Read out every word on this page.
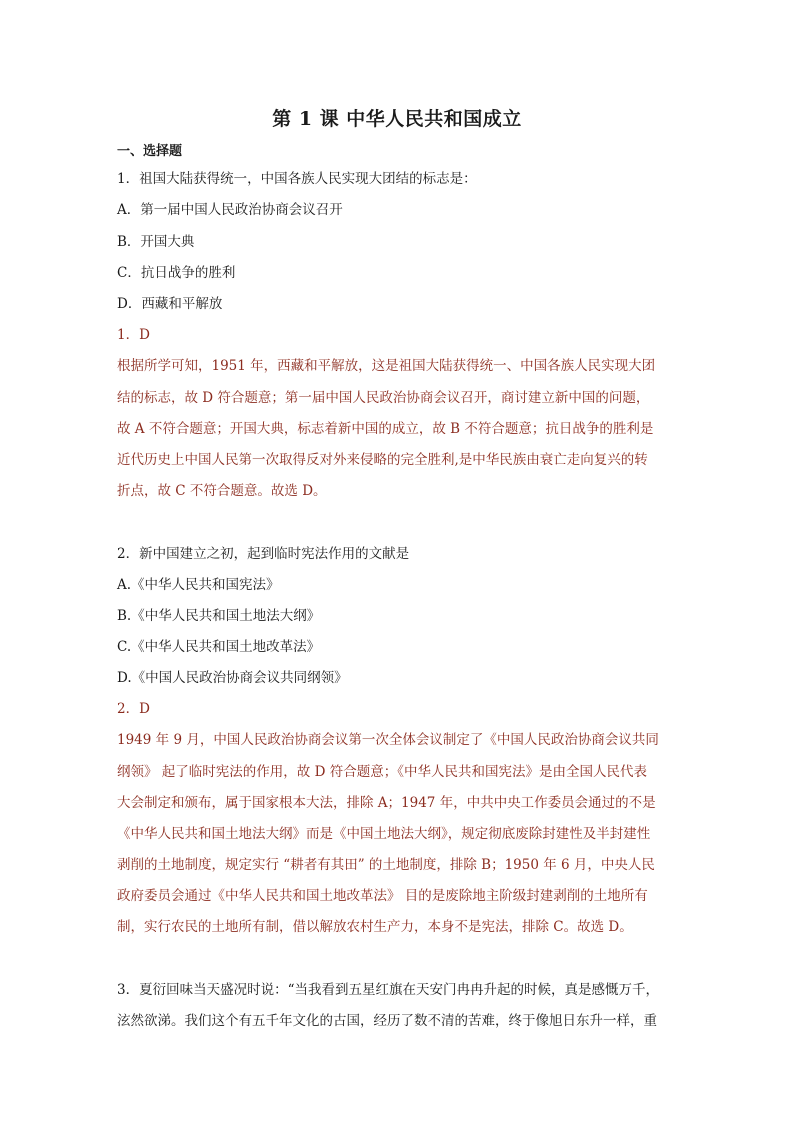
第 1 课 中华人民共和国成立
一、选择题
1．祖国大陆获得统一，中国各族人民实现大团结的标志是：
A．第一届中国人民政治协商会议召开
B．开国大典
C．抗日战争的胜利
D．西藏和平解放
1．D
根据所学可知，1951 年，西藏和平解放，这是祖国大陆获得统一、中国各族人民实现大团
结的标志，故 D 符合题意；第一届中国人民政治协商会议召开，商讨建立新中国的问题，
故 A 不符合题意；开国大典，标志着新中国的成立，故 B 不符合题意；抗日战争的胜利是
近代历史上中国人民第一次取得反对外来侵略的完全胜利,是中华民族由衰亡走向复兴的转
折点，故 C 不符合题意。故选 D。
2．新中国建立之初，起到临时宪法作用的文献是
A.《中华人民共和国宪法》
B.《中华人民共和国土地法大纲》
C.《中华人民共和国土地改革法》
D.《中国人民政治协商会议共同纲领》
2．D
1949 年 9 月，中国人民政治协商会议第一次全体会议制定了《中国人民政治协商会议共同
纲领》 起了临时宪法的作用，故 D 符合题意；《中华人民共和国宪法》是由全国人民代表
大会制定和颁布，属于国家根本大法，排除 A；1947 年，中共中央工作委员会通过的不是
《中华人民共和国土地法大纲》而是《中国土地法大纲》，规定彻底废除封建性及半封建性
剥削的土地制度，规定实行 “耕者有其田” 的土地制度，排除 B；1950 年 6 月，中央人民
政府委员会通过《中华人民共和国土地改革法》 目的是废除地主阶级封建剥削的土地所有
制，实行农民的土地所有制，借以解放农村生产力，本身不是宪法，排除 C。故选 D。
3．夏衍回味当天盛况时说：“当我看到五星红旗在天安门冉冉升起的时候，真是感慨万千，
泫然欲涕。我们这个有五千年文化的古国，经历了数不清的苦难，终于像旭日东升一样，重
